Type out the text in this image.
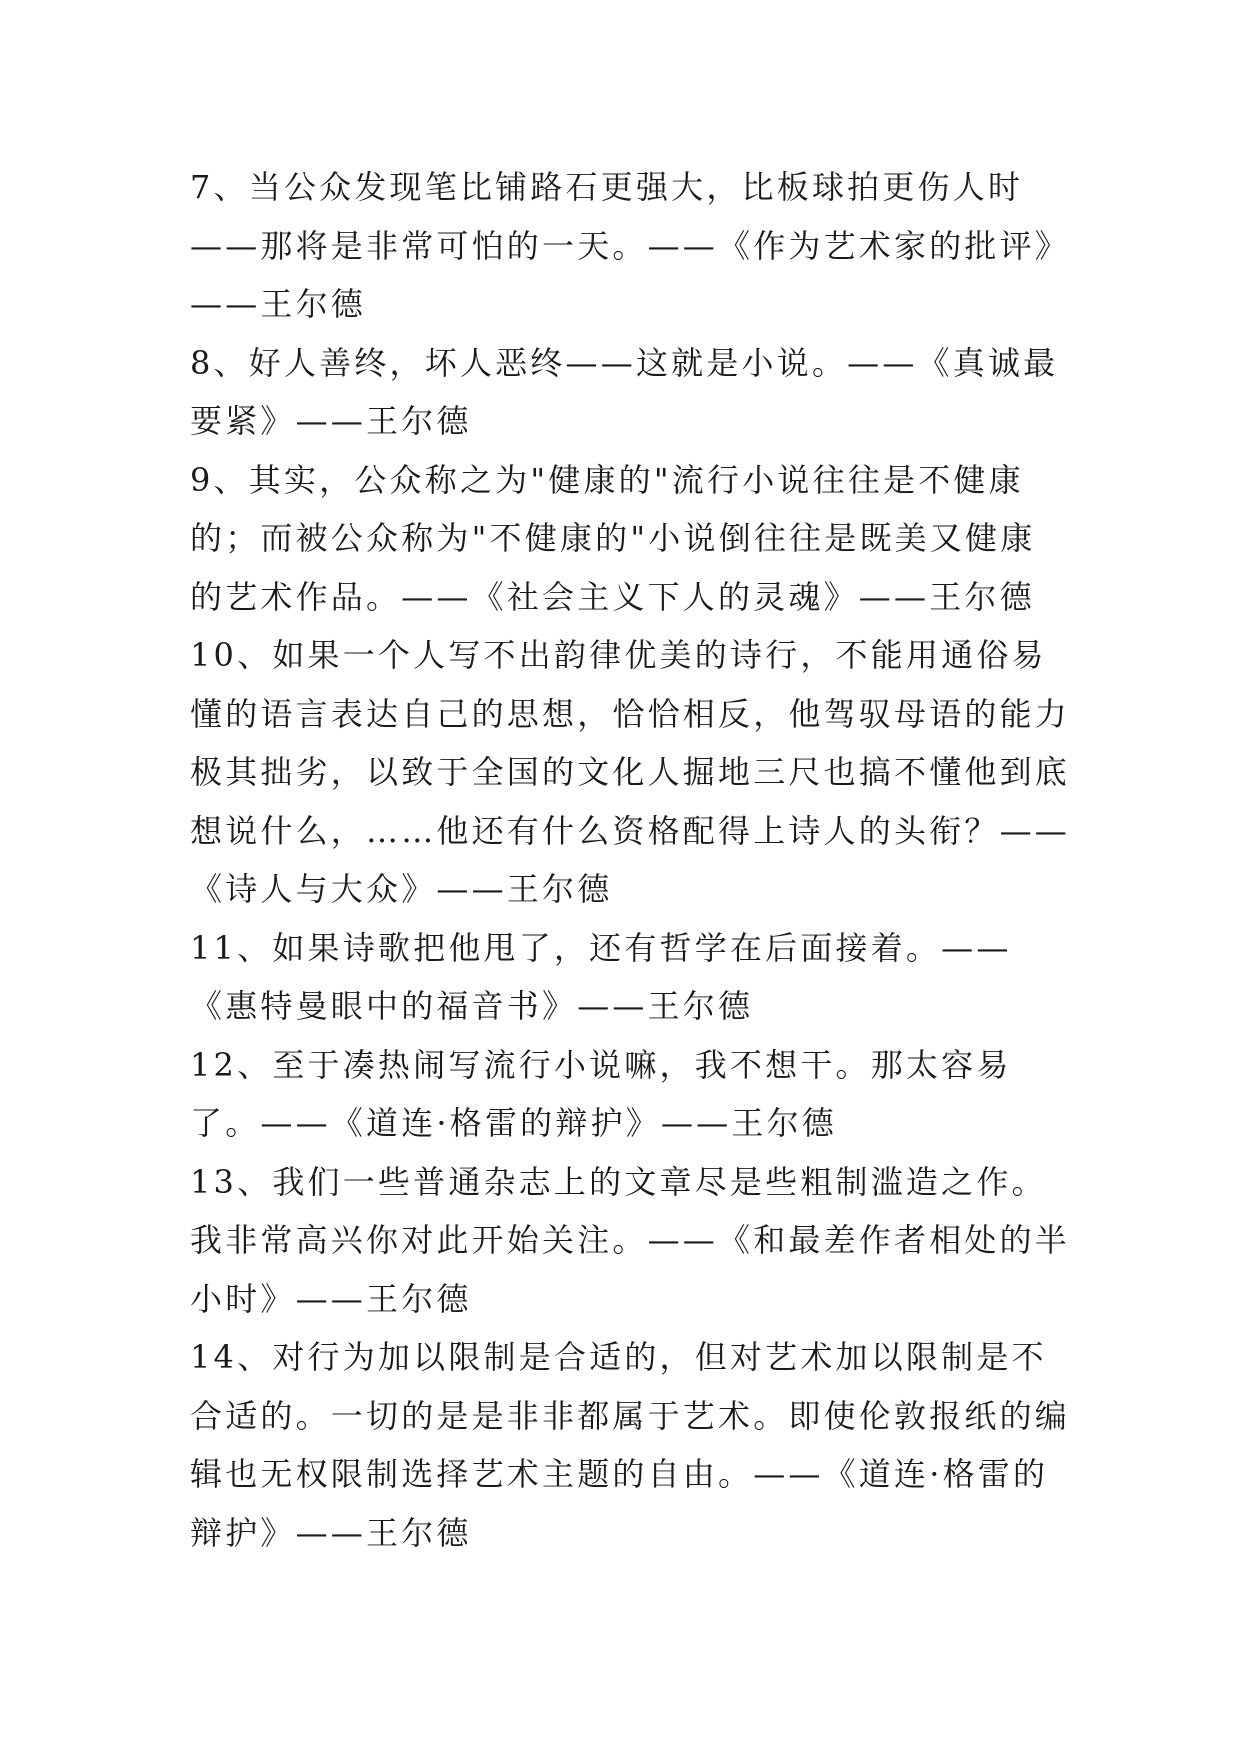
7、当公众发现笔比铺路石更强大，比板球拍更伤人时——那将是非常可怕的一天。——《作为艺术家的批评》——王尔德

8、好人善终，坏人恶终——这就是小说。——《真诚最要紧》——王尔德

9、其实，公众称之为"健康的"流行小说往往是不健康的；而被公众称为"不健康的"小说倒往往是既美又健康的艺术作品。——《社会主义下人的灵魂》——王尔德

10、如果一个人写不出韵律优美的诗行，不能用通俗易懂的语言表达自己的思想，恰恰相反，他驾驭母语的能力极其拙劣，以致于全国的文化人掘地三尺也搞不懂他到底想说什么，……他还有什么资格配得上诗人的头衔？——《诗人与大众》——王尔德

11、如果诗歌把他甩了，还有哲学在后面接着。——《惠特曼眼中的福音书》——王尔德

12、至于凑热闹写流行小说嘛，我不想干。那太容易了。——《道连·格雷的辩护》——王尔德

13、我们一些普通杂志上的文章尽是些粗制滥造之作。我非常高兴你对此开始关注。——《和最差作者相处的半小时》——王尔德

14、对行为加以限制是合适的，但对艺术加以限制是不合适的。一切的是是非非都属于艺术。即使伦敦报纸的编辑也无权限制选择艺术主题的自由。——《道连·格雷的辩护》——王尔德
